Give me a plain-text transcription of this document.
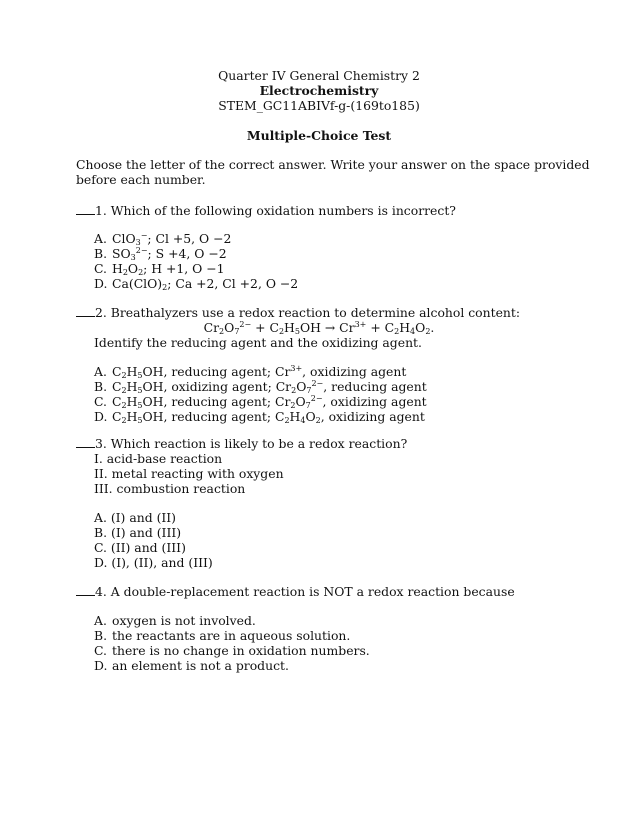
Quarter IV General Chemistry 2
Electrochemistry
STEM_GC11ABIVf-g-(169to185)
Multiple-Choice Test
Choose the letter of the correct answer. Write your answer on the space provided
before each number.
1. Which of the following oxidation numbers is incorrect?
A. ClO$_3$−; Cl +5, O −2
B. $SO_3^{2-}$; S +4, O −2
C. $H_2O_2$; H +1, O −1
D. $Ca(ClO)_2$; Ca +2, Cl +2, O −2
2. Breathalyzers use a redox reaction to determine alcohol content:
$Cr_2O_7^{2-} + C_2H_5OH \to Cr^{3+} + C_2H_4O_2$.
Identify the reducing agent and the oxidizing agent.
A. $C_2H_5OH$, reducing agent; $Cr^{3+}$, oxidizing agent
B. $C_2H_5OH$, oxidizing agent; $Cr_2O_7^{2-}$, reducing agent
C. $C_2H_5OH$, reducing agent; $Cr_2O_7^{2-}$, oxidizing agent
D. $C_2H_5OH$, reducing agent; $C_2H_4O_2$, oxidizing agent
3. Which reaction is likely to be a redox reaction?
I. acid-base reaction
II. metal reacting with oxygen
III. combustion reaction
A. (I) and (II)
B. (I) and (III)
C. (II) and (III)
D. (I), (II), and (III)
4. A double-replacement reaction is NOT a redox reaction because
A. oxygen is not involved.
B. the reactants are in aqueous solution.
C. there is no change in oxidation numbers.
D. an element is not a product.
